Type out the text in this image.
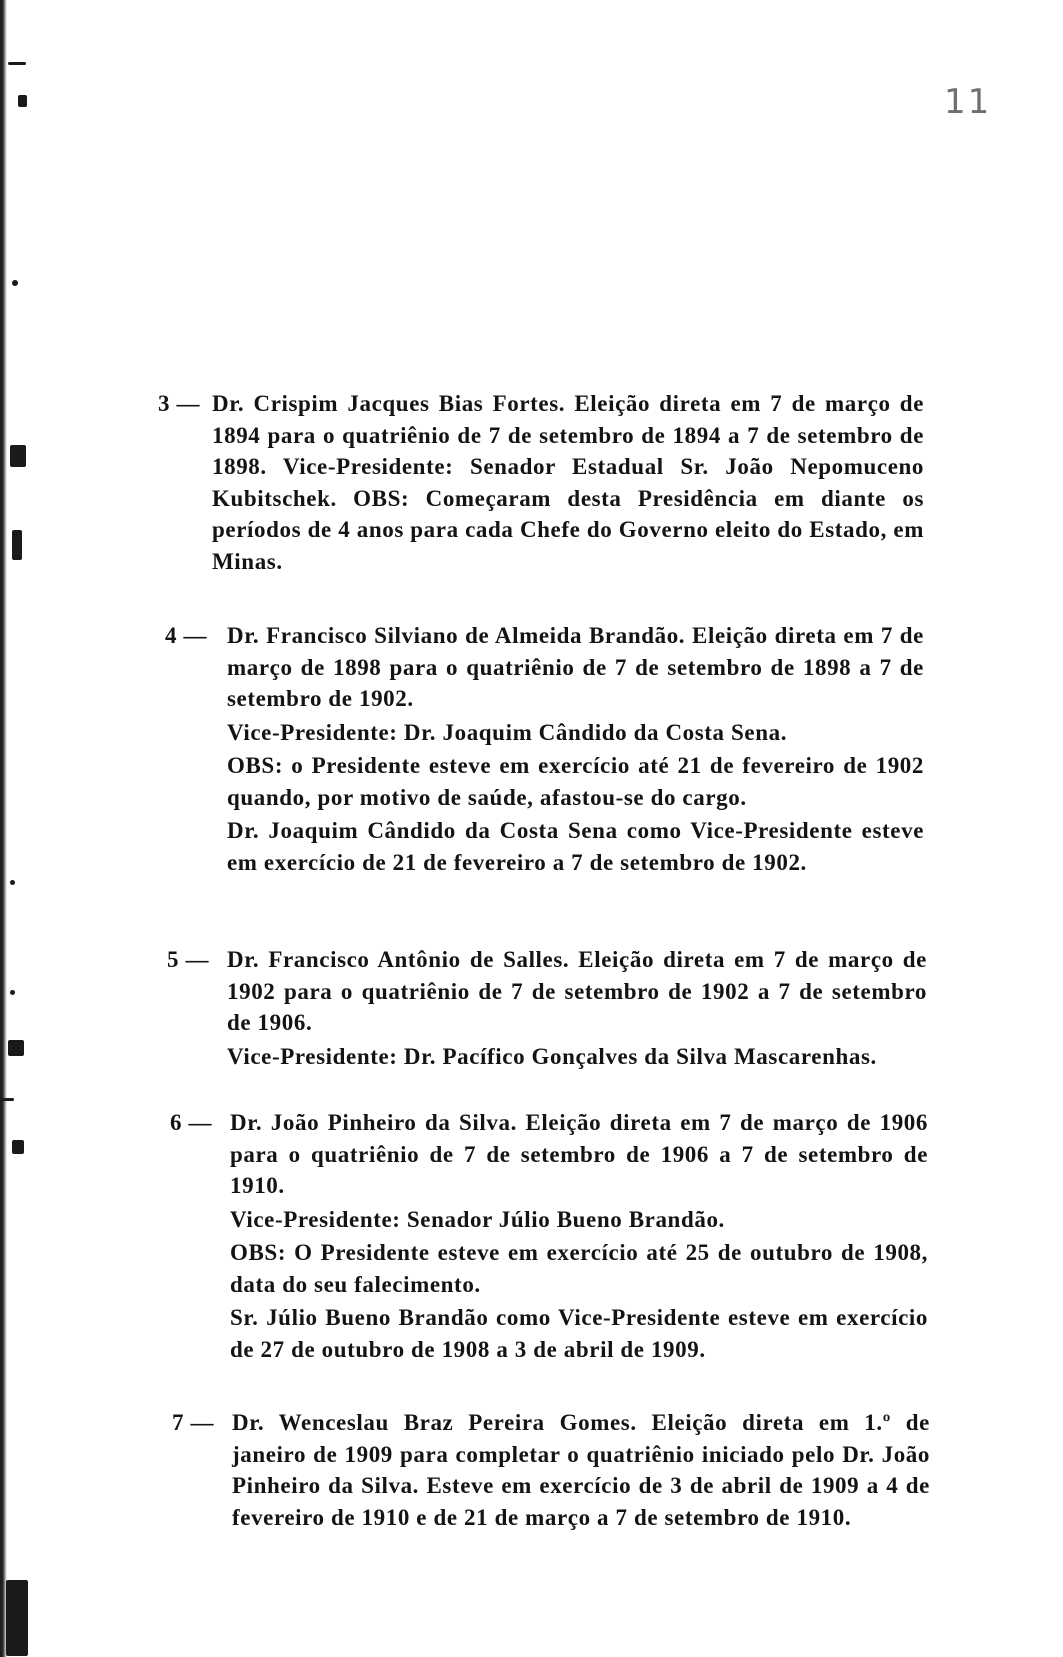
11
3 — Dr. Crispim Jacques Bias Fortes. Eleição direta em 7 de março de 1894 para o quatriênio de 7 de setembro de 1894 a 7 de setembro de 1898. Vice-Presidente: Senador Estadual Sr. João Nepomuceno Kubitschek. OBS: Começaram desta Presidência em diante os períodos de 4 anos para cada Chefe do Governo eleito do Estado, em Minas.

4 — Dr. Francisco Silviano de Almeida Brandão. Eleição direta em 7 de março de 1898 para o quatriênio de 7 de setembro de 1898 a 7 de setembro de 1902.

Vice-Presidente: Dr. Joaquim Cândido da Costa Sena.

OBS: o Presidente esteve em exercício até 21 de fevereiro de 1902 quando, por motivo de saúde, afastou-se do cargo.

Dr. Joaquim Cândido da Costa Sena como Vice-Presidente esteve em exercício de 21 de fevereiro a 7 de setembro de 1902.

5 — Dr. Francisco Antônio de Salles. Eleição direta em 7 de março de 1902 para o quatriênio de 7 de setembro de 1902 a 7 de setembro de 1906.

Vice-Presidente: Dr. Pacífico Gonçalves da Silva Mascarenhas.

6 — Dr. João Pinheiro da Silva. Eleição direta em 7 de março de 1906 para o quatriênio de 7 de setembro de 1906 a 7 de setembro de 1910.

Vice-Presidente: Senador Júlio Bueno Brandão.

OBS: O Presidente esteve em exercício até 25 de outubro de 1908, data do seu falecimento.

Sr. Júlio Bueno Brandão como Vice-Presidente esteve em exercício de 27 de outubro de 1908 a 3 de abril de 1909.

7 — Dr. Wenceslau Braz Pereira Gomes. Eleição direta em 1.º de janeiro de 1909 para completar o quatriênio iniciado pelo Dr. João Pinheiro da Silva. Esteve em exercício de 3 de abril de 1909 a 4 de fevereiro de 1910 e de 21 de março a 7 de setembro de 1910.
